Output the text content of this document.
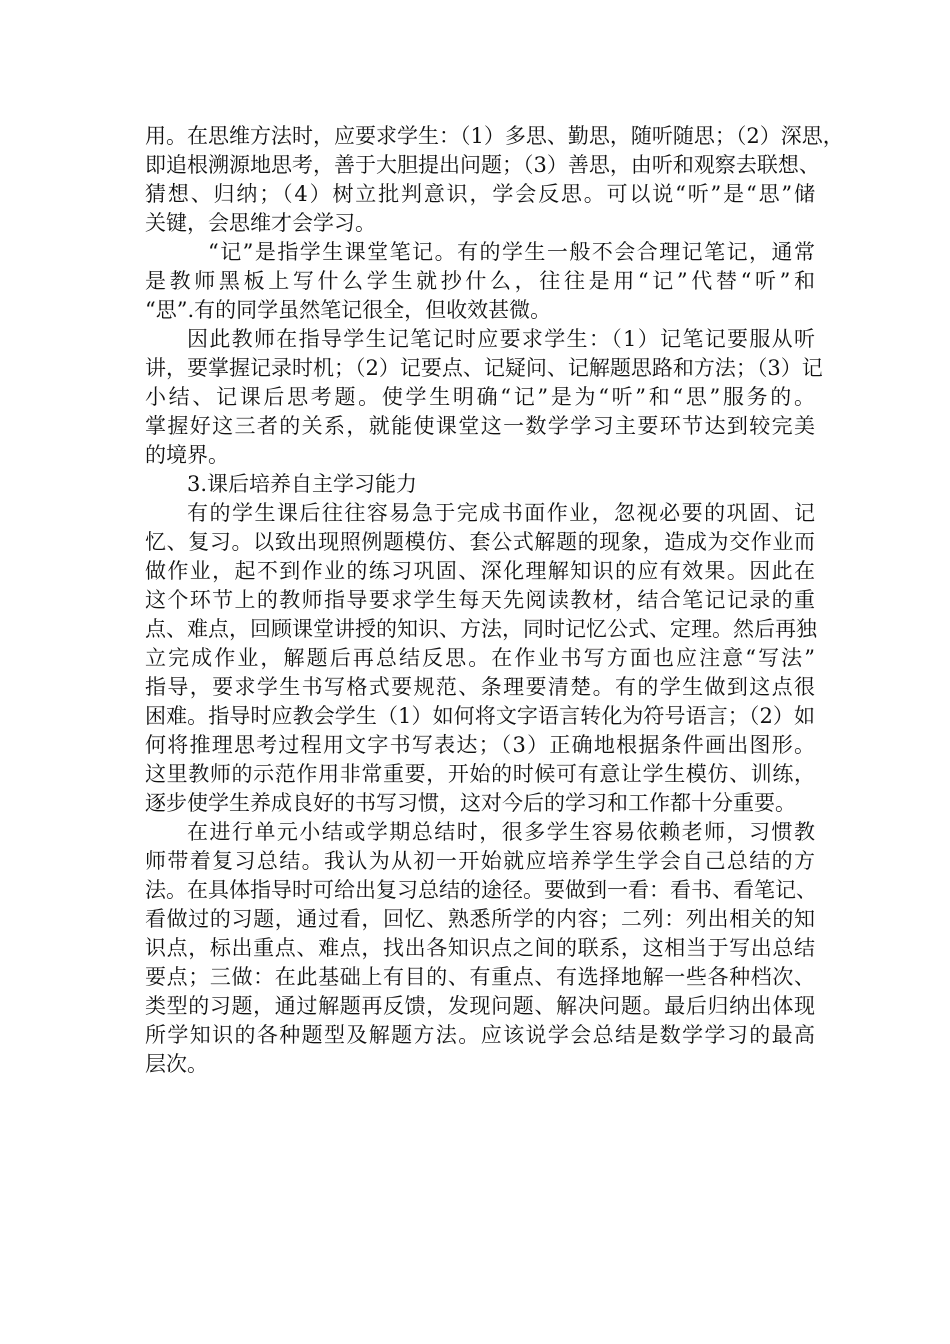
用。在思维方法时，应要求学生：（1）多思、勤思，随听随思；（2）深思，
即追根溯源地思考，善于大胆提出问题；（3）善思，由听和观察去联想、
猜想、归纳；（4）树立批判意识，学会反思。可以说“听”是“思”储
关键，会思维才会学习。
“记”是指学生课堂笔记。有的学生一般不会合理记笔记，通常
是教师黑板上写什么学生就抄什么，往往是用“记”代替“听”和
“思”.有的同学虽然笔记很全，但收效甚微。
因此教师在指导学生记笔记时应要求学生：（1）记笔记要服从听
讲，要掌握记录时机；（2）记要点、记疑问、记解题思路和方法；（3）记
小结、记课后思考题。使学生明确“记”是为“听”和“思”服务的。
掌握好这三者的关系，就能使课堂这一数学学习主要环节达到较完美
的境界。
3.课后培养自主学习能力
有的学生课后往往容易急于完成书面作业，忽视必要的巩固、记
忆、复习。以致出现照例题模仿、套公式解题的现象，造成为交作业而
做作业，起不到作业的练习巩固、深化理解知识的应有效果。因此在
这个环节上的教师指导要求学生每天先阅读教材，结合笔记记录的重
点、难点，回顾课堂讲授的知识、方法，同时记忆公式、定理。然后再独
立完成作业，解题后再总结反思。在作业书写方面也应注意“写法”
指导，要求学生书写格式要规范、条理要清楚。有的学生做到这点很
困难。指导时应教会学生（1）如何将文字语言转化为符号语言；（2）如
何将推理思考过程用文字书写表达；（3）正确地根据条件画出图形。
这里教师的示范作用非常重要，开始的时候可有意让学生模仿、训练，
逐步使学生养成良好的书写习惯，这对今后的学习和工作都十分重要。
在进行单元小结或学期总结时，很多学生容易依赖老师，习惯教
师带着复习总结。我认为从初一开始就应培养学生学会自己总结的方
法。在具体指导时可给出复习总结的途径。要做到一看：看书、看笔记、
看做过的习题，通过看，回忆、熟悉所学的内容；二列：列出相关的知
识点，标出重点、难点，找出各知识点之间的联系，这相当于写出总结
要点；三做：在此基础上有目的、有重点、有选择地解一些各种档次、
类型的习题，通过解题再反馈，发现问题、解决问题。最后归纳出体现
所学知识的各种题型及解题方法。应该说学会总结是数学学习的最高
层次。
